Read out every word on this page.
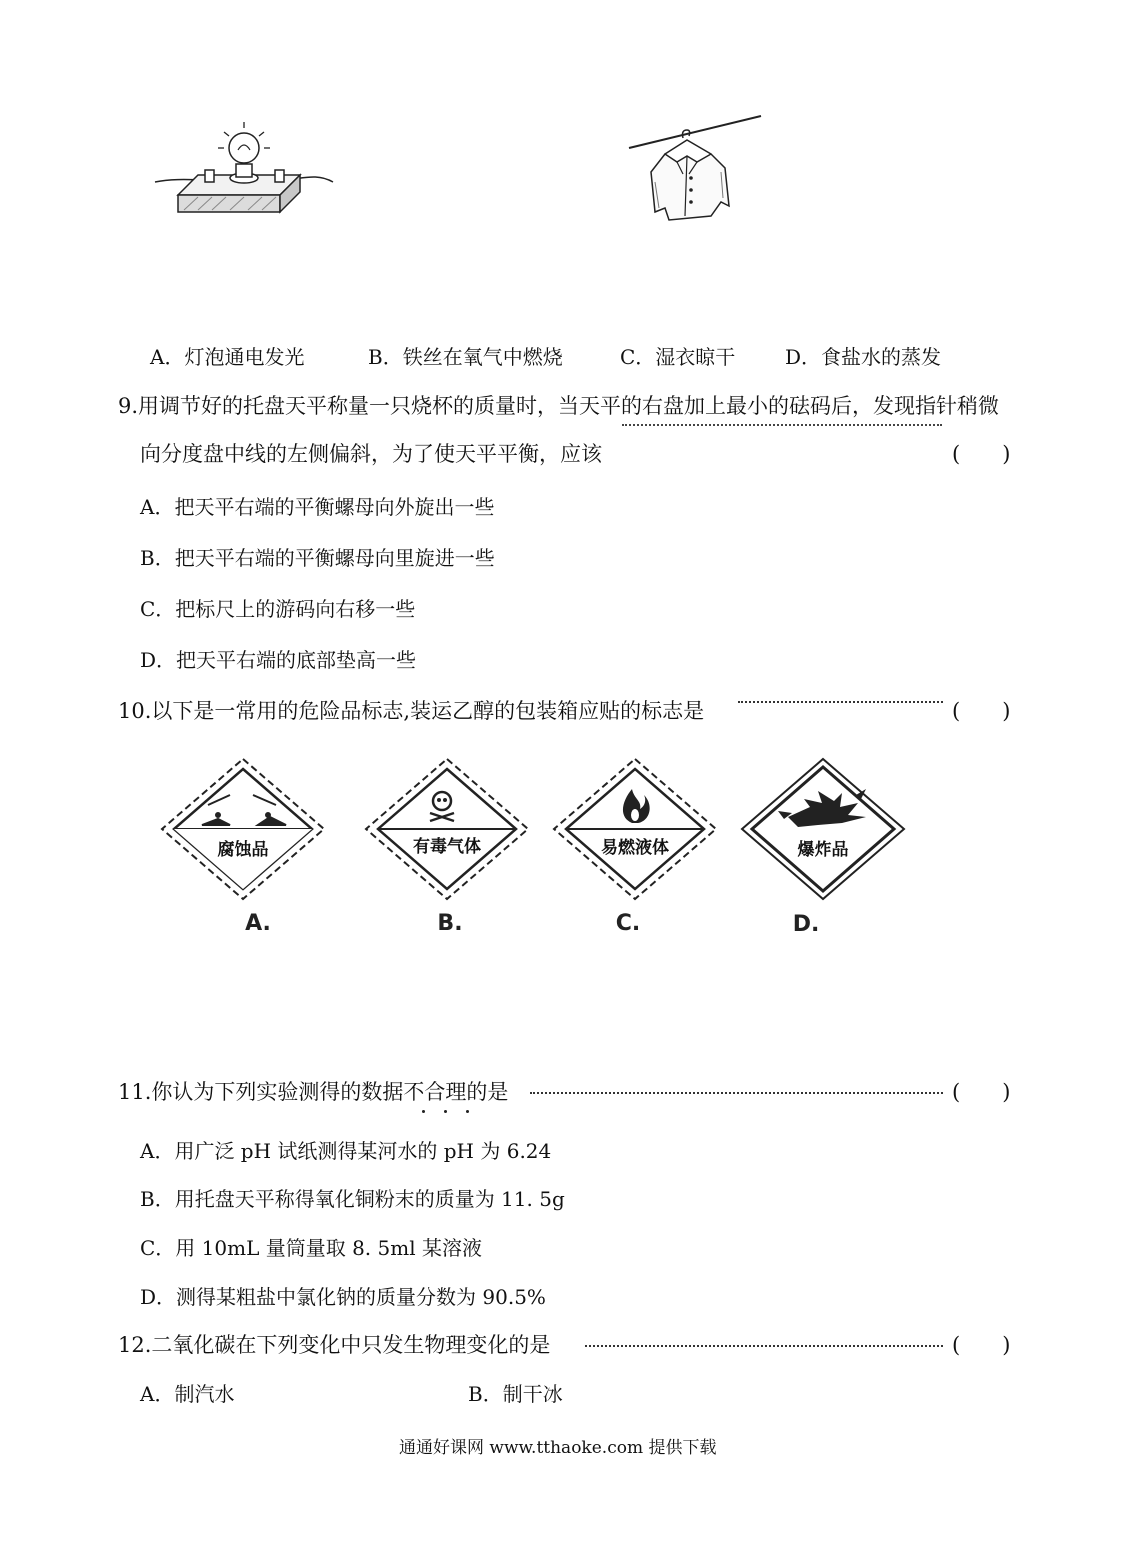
A．灯泡通电发光	B．铁丝在氧气中燃烧	C．湿衣晾干 D．食盐水的蒸发
9.用调节好的托盘天平称量一只烧杯的质量时，当天平的右盘加上最小的砝码后，发现指针稍微
向分度盘中线的左侧偏斜，为了使天平平衡，应该	(　　)
A．把天平右端的平衡螺母向外旋出一些
B．把天平右端的平衡螺母向里旋进一些
C．把标尺上的游码向右移一些
D．把天平右端的底部垫高一些
10.以下是一常用的危险品标志,装运乙醇的包装箱应贴的标志是	(　　)
腐蚀品
A.
有毒气体
B.
易燃液体
C.
爆炸品
D.
11.你认为下列实验测得的数据不合理的是	(　　)
A．用广泛 pH 试纸测得某河水的 pH 为 6.24
B．用托盘天平称得氧化铜粉末的质量为 11. 5g
C．用 10mL 量筒量取 8. 5ml 某溶液
D．测得某粗盐中氯化钠的质量分数为 90.5%
12.二氧化碳在下列变化中只发生物理变化的是	(　　)
A．制汽水	B．制干冰
通通好课网 www.tthaoke.com 提供下载
